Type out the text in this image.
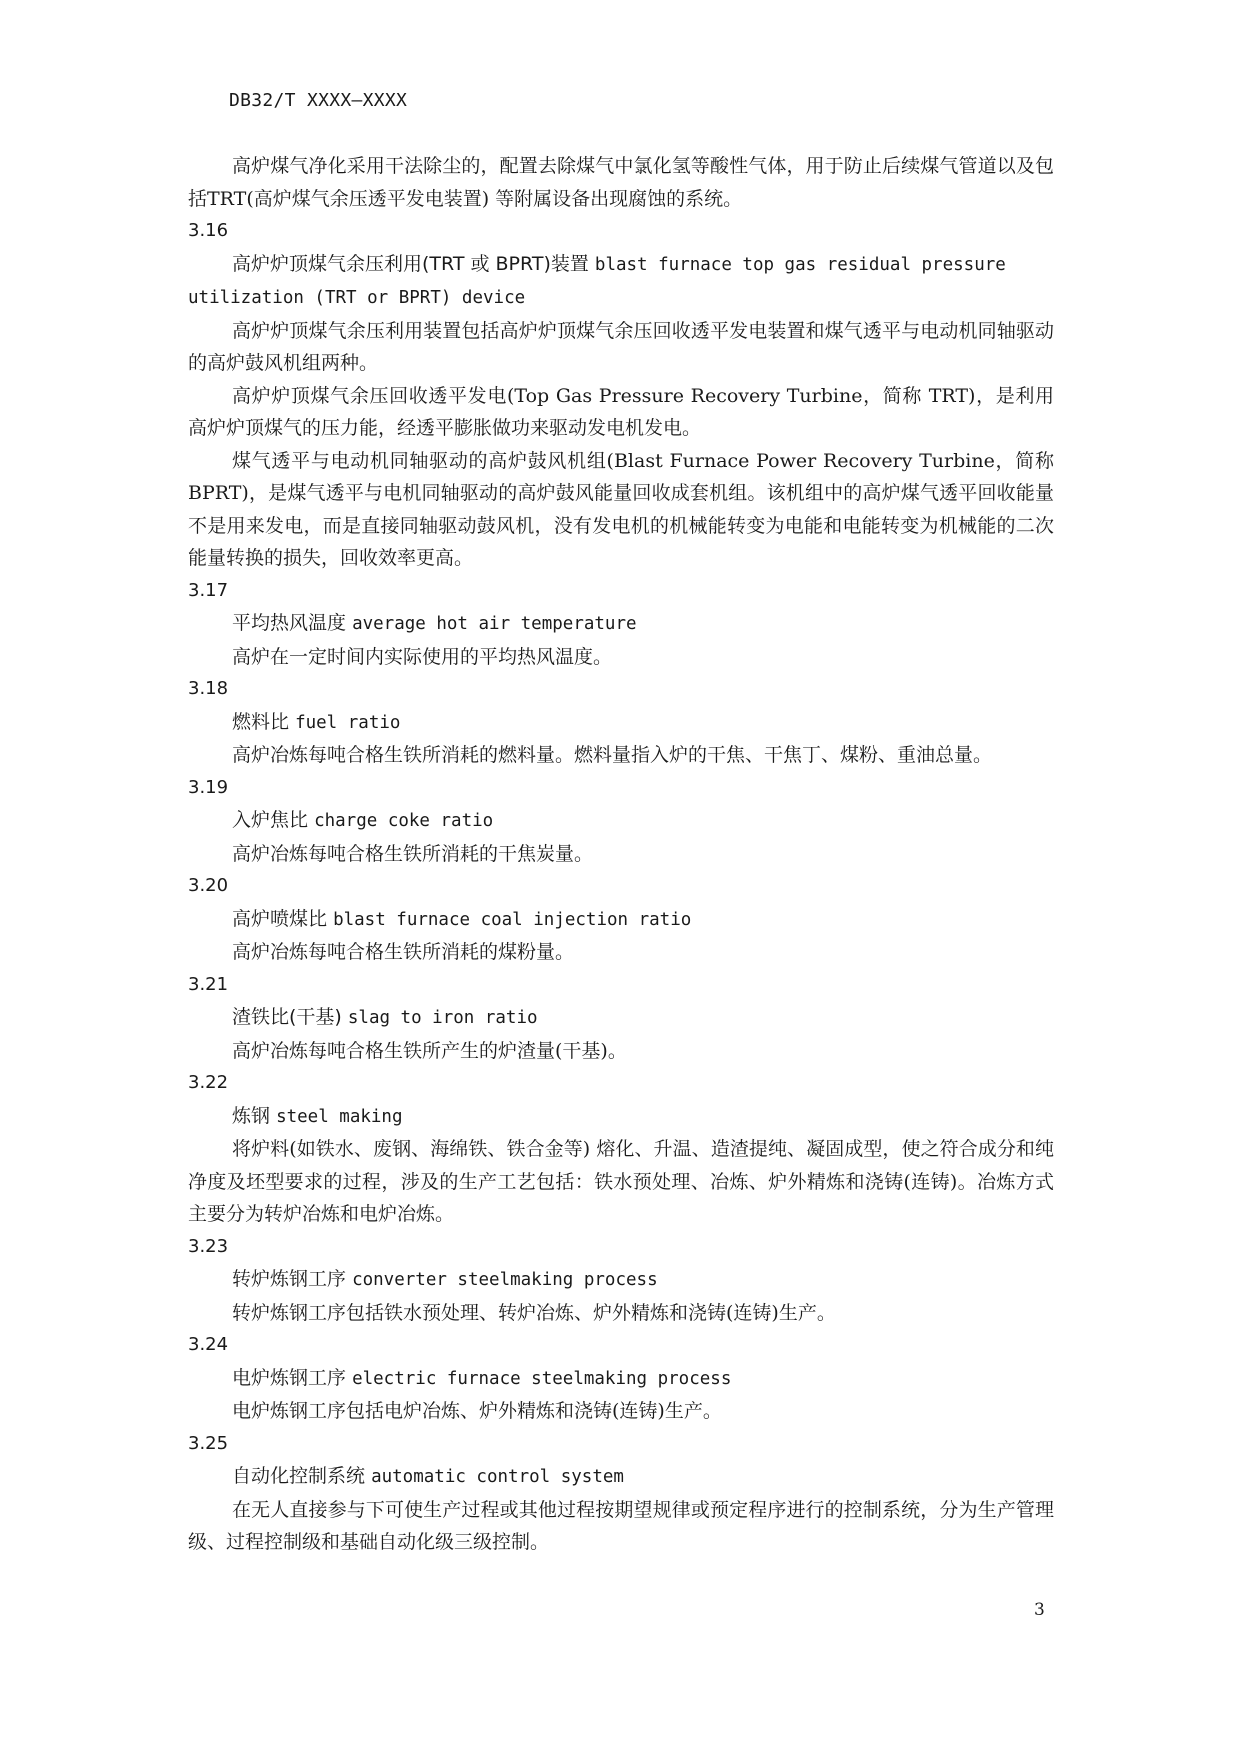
DB32/T XXXX—XXXX

高炉煤气净化采用干法除尘的，配置去除煤气中氯化氢等酸性气体，用于防止后续煤气管道以及包括TRT(高炉煤气余压透平发电装置) 等附属设备出现腐蚀的系统。

3.16

高炉炉顶煤气余压利用(TRT 或 BPRT)装置 blast furnace top gas residual pressure utilization (TRT or BPRT) device

高炉炉顶煤气余压利用装置包括高炉炉顶煤气余压回收透平发电装置和煤气透平与电动机同轴驱动的高炉鼓风机组两种。

高炉炉顶煤气余压回收透平发电(Top Gas Pressure Recovery Turbine，简称 TRT)，是利用高炉炉顶煤气的压力能，经透平膨胀做功来驱动发电机发电。

煤气透平与电动机同轴驱动的高炉鼓风机组(Blast Furnace Power Recovery Turbine，简称 BPRT)，是煤气透平与电机同轴驱动的高炉鼓风能量回收成套机组。该机组中的高炉煤气透平回收能量不是用来发电，而是直接同轴驱动鼓风机，没有发电机的机械能转变为电能和电能转变为机械能的二次能量转换的损失，回收效率更高。

3.17

平均热风温度 average hot air temperature

高炉在一定时间内实际使用的平均热风温度。

3.18

燃料比 fuel ratio

高炉冶炼每吨合格生铁所消耗的燃料量。燃料量指入炉的干焦、干焦丁、煤粉、重油总量。

3.19

入炉焦比 charge coke ratio

高炉冶炼每吨合格生铁所消耗的干焦炭量。

3.20

高炉喷煤比 blast furnace coal injection ratio

高炉冶炼每吨合格生铁所消耗的煤粉量。

3.21

渣铁比(干基) slag to iron ratio

高炉冶炼每吨合格生铁所产生的炉渣量(干基)。

3.22

炼钢 steel making

将炉料(如铁水、废钢、海绵铁、铁合金等) 熔化、升温、造渣提纯、凝固成型，使之符合成分和纯净度及坯型要求的过程，涉及的生产工艺包括：铁水预处理、冶炼、炉外精炼和浇铸(连铸)。冶炼方式主要分为转炉冶炼和电炉冶炼。

3.23

转炉炼钢工序 converter steelmaking process

转炉炼钢工序包括铁水预处理、转炉冶炼、炉外精炼和浇铸(连铸)生产。

3.24

电炉炼钢工序 electric furnace steelmaking process

电炉炼钢工序包括电炉冶炼、炉外精炼和浇铸(连铸)生产。

3.25

自动化控制系统 automatic control system

在无人直接参与下可使生产过程或其他过程按期望规律或预定程序进行的控制系统，分为生产管理级、过程控制级和基础自动化级三级控制。

3
